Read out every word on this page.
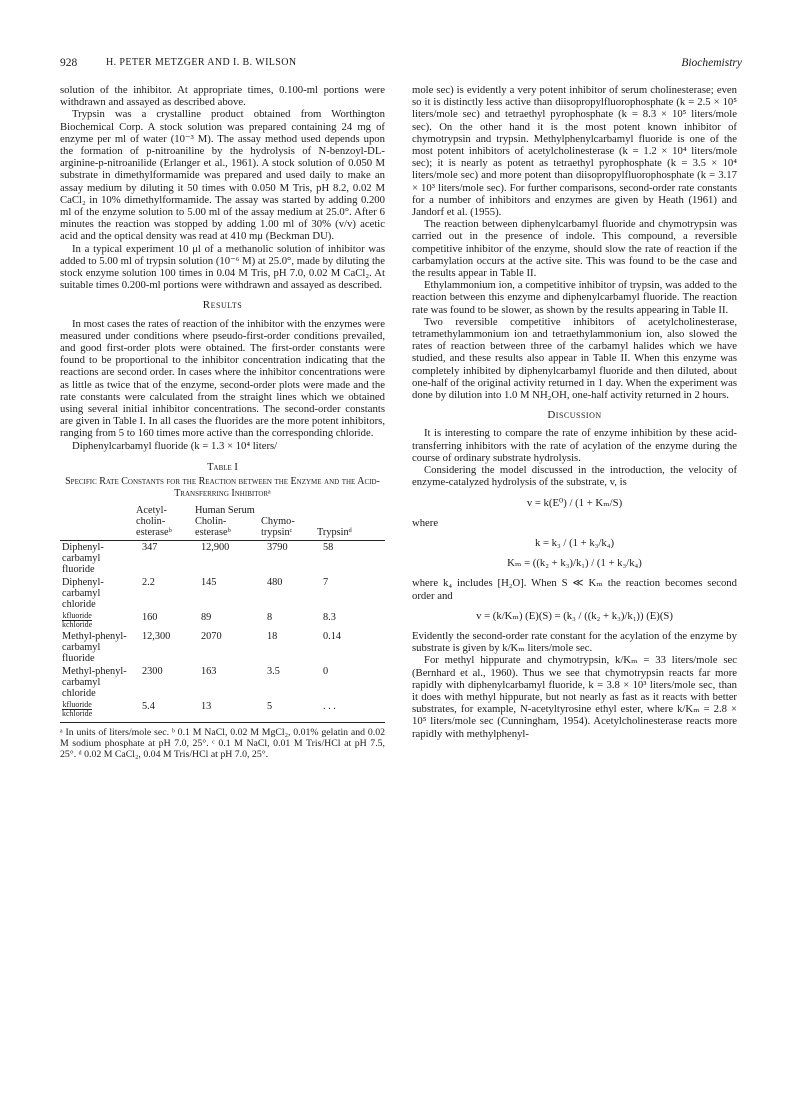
928	H. PETER METZGER AND I. B. WILSON	Biochemistry

solution of the inhibitor. At appropriate times, 0.100-ml portions were withdrawn and assayed as described above.

Trypsin was a crystalline product obtained from Worthington Biochemical Corp. A stock solution was prepared containing 24 mg of enzyme per ml of water (10⁻³ M). The assay method used depends upon the formation of p-nitroaniline by the hydrolysis of N-benzoyl-DL-arginine-p-nitroanilide (Erlanger et al., 1961). A stock solution of 0.050 M substrate in dimethylformamide was prepared and used daily to make an assay medium by diluting it 50 times with 0.050 M Tris, pH 8.2, 0.02 M CaCl₂ in 10% dimethylformamide. The assay was started by adding 0.200 ml of the enzyme solution to 5.00 ml of the assay medium at 25.0°. After 6 minutes the reaction was stopped by adding 1.00 ml of 30% (v/v) acetic acid and the optical density was read at 410 mμ (Beckman DU).

In a typical experiment 10 μl of a methanolic solution of inhibitor was added to 5.00 ml of trypsin solution (10⁻⁶ M) at 25.0°, made by diluting the stock enzyme solution 100 times in 0.04 M Tris, pH 7.0, 0.02 M CaCl₂. At suitable times 0.200-ml portions were withdrawn and assayed as described.

Results

In most cases the rates of reaction of the inhibitor with the enzymes were measured under conditions where pseudo-first-order conditions prevailed, and good first-order plots were obtained. The first-order constants were found to be proportional to the inhibitor concentration indicating that the reactions are second order. In cases where the inhibitor concentrations were as little as twice that of the enzyme, second-order plots were made and the rate constants were calculated from the straight lines which we obtained using several initial inhibitor concentrations. The second-order constants are given in Table I. In all cases the fluorides are the more potent inhibitors, ranging from 5 to 160 times more active than the corresponding chloride.

Diphenylcarbamyl fluoride (k = 1.3 × 10⁴ liters/

Table I
Specific Rate Constants for the Reaction between the Enzyme and the Acid-Transferring Inhibitorᵃ
	Acetyl-cholin-esteraseᵇ	Human Serum Cholin-esteraseᵇ	Chymo-trypsinᶜ	Trypsinᵈ
Diphenyl-carbamyl fluoride	347	12,900	3790	58
Diphenyl-carbamyl chloride	2.2	145	480	7

kfluoride
kchloride	160	89	8	8.3
Methyl-phenyl-carbamyl fluoride	12,300	2070	18	0.14
Methyl-phenyl-carbamyl chloride	2300	163	3.5	0

kfluoride
kchloride	5.4	13	5	. . .
ᵃ In units of liters/mole sec. ᵇ 0.1 M NaCl, 0.02 M MgCl₂, 0.01% gelatin and 0.02 M sodium phosphate at pH 7.0, 25°. ᶜ 0.1 M NaCl, 0.01 M Tris/HCl at pH 7.5, 25°. ᵈ 0.02 M CaCl₂, 0.04 M Tris/HCl at pH 7.0, 25°.

mole sec) is evidently a very potent inhibitor of serum cholinesterase; even so it is distinctly less active than diisopropylfluorophosphate (k = 2.5 × 10⁵ liters/mole sec) and tetraethyl pyrophosphate (k = 8.3 × 10⁵ liters/mole sec). On the other hand it is the most potent known inhibitor of chymotrypsin and trypsin. Methylphenylcarbamyl fluoride is one of the most potent inhibitors of acetylcholinesterase (k = 1.2 × 10⁴ liters/mole sec); it is nearly as potent as tetraethyl pyrophosphate (k = 3.5 × 10⁴ liters/mole sec) and more potent than diisopropylfluorophosphate (k = 3.17 × 10³ liters/mole sec). For further comparisons, second-order rate constants for a number of inhibitors and enzymes are given by Heath (1961) and Jandorf et al. (1955).

The reaction between diphenylcarbamyl fluoride and chymotrypsin was carried out in the presence of indole. This compound, a reversible competitive inhibitor of the enzyme, should slow the rate of reaction if the carbamylation occurs at the active site. This was found to be the case and the results appear in Table II.

Ethylammonium ion, a competitive inhibitor of trypsin, was added to the reaction between this enzyme and diphenylcarbamyl fluoride. The reaction rate was found to be slower, as shown by the results appearing in Table II.

Two reversible competitive inhibitors of acetylcholinesterase, tetramethylammonium ion and tetraethylammonium ion, also slowed the rates of reaction between three of the carbamyl halides which we have studied, and these results also appear in Table II. When this enzyme was completely inhibited by diphenylcarbamyl fluoride and then diluted, about one-half of the original activity returned in 1 day. When the experiment was done by dilution into 1.0 M NH₂OH, one-half activity returned in 2 hours.

Discussion

It is interesting to compare the rate of enzyme inhibition by these acid-transferring inhibitors with the rate of acylation of the enzyme during the course of ordinary substrate hydrolysis.

Considering the model discussed in the introduction, the velocity of enzyme-catalyzed hydrolysis of the substrate, v, is

v = k(E⁰) / (1 + Kₘ/S)

where

k = k₃ / (1 + k₃/k₄)
Kₘ = ((k₂ + k₃)/k₁) / (1 + k₃/k₄)

where k₄ includes [H₂O]. When S ≪ Kₘ the reaction becomes second order and

v = (k/Kₘ) (E)(S) = (k₃ / ((k₂ + k₃)/k₁)) (E)(S)

Evidently the second-order rate constant for the acylation of the enzyme by substrate is given by k/Kₘ liters/mole sec.

For methyl hippurate and chymotrypsin, k/Kₘ = 33 liters/mole sec (Bernhard et al., 1960). Thus we see that chymotrypsin reacts far more rapidly with diphenylcarbamyl fluoride, k = 3.8 × 10³ liters/mole sec, than it does with methyl hippurate, but not nearly as fast as it reacts with better substrates, for example, N-acetyltyrosine ethyl ester, where k/Kₘ = 2.8 × 10⁵ liters/mole sec (Cunningham, 1954). Acetylcholinesterase reacts more rapidly with methylphenyl-
